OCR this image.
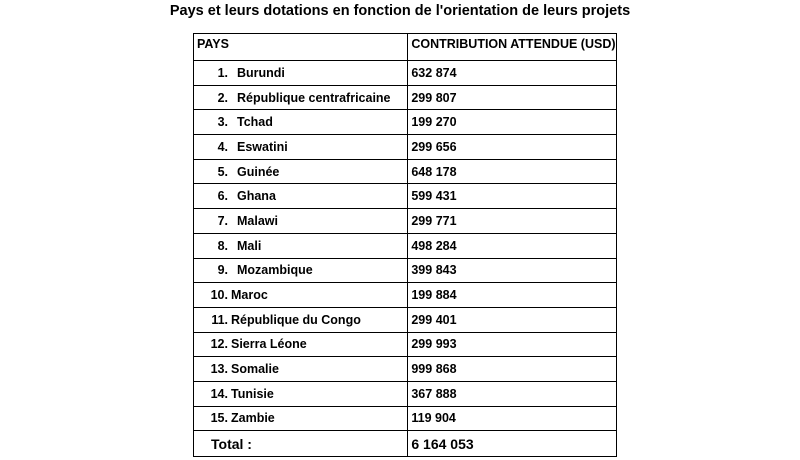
Pays et leurs dotations en fonction de l'orientation de leurs projets
PAYS	CONTRIBUTION ATTENDUE (USD)
1. Burundi	632 874
2. République centrafricaine	299 807
3. Tchad	199 270
4. Eswatini	299 656
5. Guinée	648 178
6. Ghana	599 431
7. Malawi	299 771
8. Mali	498 284
9. Mozambique	399 843
10. Maroc	199 884
11. République du Congo	299 401
12. Sierra Léone	299 993
13. Somalie	999 868
14. Tunisie	367 888
15. Zambie	119 904
Total :	6 164 053
